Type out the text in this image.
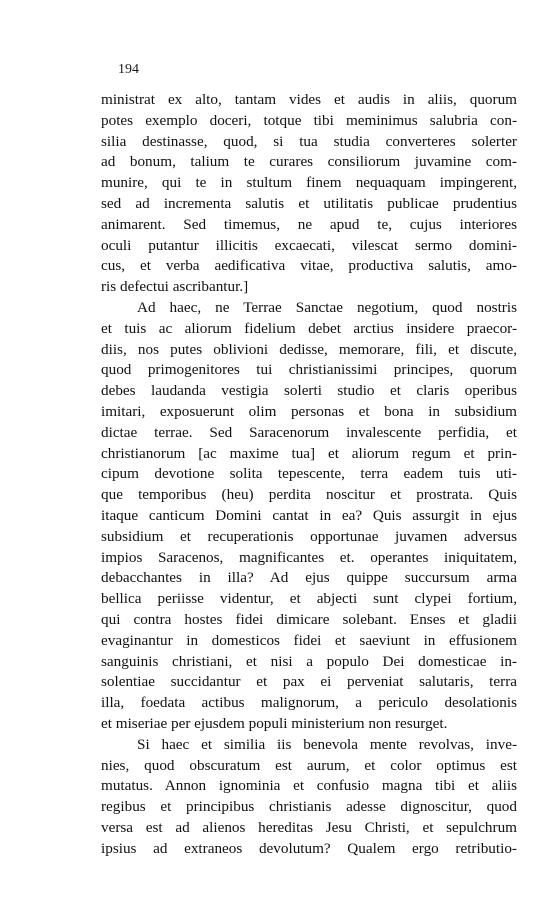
194
ministrat ex alto, tantam vides et audis in aliis, quorum
potes exemplo doceri, totque tibi meminimus salubria con-
silia destinasse, quod, si tua studia converteres solerter
ad bonum, talium te curares consiliorum juvamine com-
munire, qui te in stultum finem nequaquam impingerent,
sed ad incrementa salutis et utilitatis publicae prudentius
animarent. Sed timemus, ne apud te, cujus interiores
oculi putantur illicitis excaecati, vilescat sermo domini-
cus, et verba aedificativa vitae, productiva salutis, amo-
ris defectui ascribantur.]
Ad haec, ne Terrae Sanctae negotium, quod nostris
et tuis ac aliorum fidelium debet arctius insidere praecor-
diis, nos putes oblivioni dedisse, memorare, fili, et discute,
quod primogenitores tui christianissimi principes, quorum
debes laudanda vestigia solerti studio et claris operibus
imitari, exposuerunt olim personas et bona in subsidium
dictae terrae. Sed Saracenorum invalescente perfidia, et
christianorum [ac maxime tua] et aliorum regum et prin-
cipum devotione solita tepescente, terra eadem tuis uti-
que temporibus (heu) perdita noscitur et prostrata. Quis
itaque canticum Domini cantat in ea? Quis assurgit in ejus
subsidium et recuperationis opportunae juvamen adversus
impios Saracenos, magnificantes et. operantes iniquitatem,
debacchantes in illa? Ad ejus quippe succursum arma
bellica periisse videntur, et abjecti sunt clypei fortium,
qui contra hostes fidei dimicare solebant. Enses et gladii
evaginantur in domesticos fidei et saeviunt in effusionem
sanguinis christiani, et nisi a populo Dei domesticae in-
solentiae succidantur et pax ei perveniat salutaris, terra
illa, foedata actibus malignorum, a periculo desolationis
et miseriae per ejusdem populi ministerium non resurget.
Si haec et similia iis benevola mente revolvas, inve-
nies, quod obscuratum est aurum, et color optimus est
mutatus. Annon ignominia et confusio magna tibi et aliis
regibus et principibus christianis adesse dignoscitur, quod
versa est ad alienos hereditas Jesu Christi, et sepulchrum
ipsius ad extraneos devolutum? Qualem ergo retributio-
